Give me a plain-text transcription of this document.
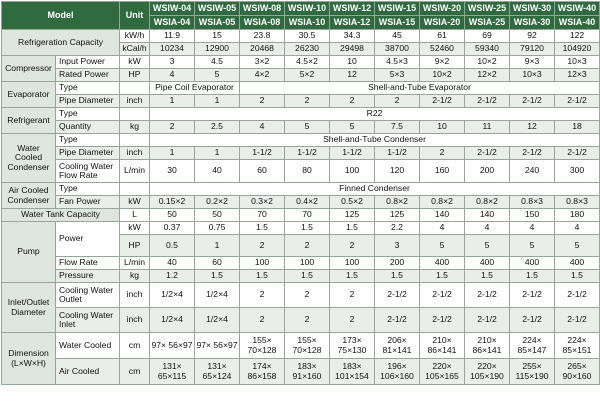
Model		Unit	WSIW-04	WSIW-05	WSIW-08	WSIW-10	WSIW-12	WSIW-15	WSIW-20	WSIW-25	WSIW-30	WSIW-40
			WSIA-04	WSIA-05	WSIA-08	WSIA-10	WSIA-12	WSIA-15	WSIA-20	WSIA-25	WSIA-30	WSIA-40
Refrigeration Capacity		kW/h	11.9	15	23.8	30.5	34.3	45	61	69	92	122
		kCal/h	10234	12900	20468	26230	29498	38700	52460	59340	79120	104920
Compressor	Input Power	kW	3	4.5	3×2	4.5×2	10	4.5×3	9×2	10×2	9×3	10×3
	Rated Power	HP	4	5	4×2	5×2	12	5×3	10×2	12×2	10×3	12×3
Evaporator	Type		Pipe Coil Evaporator		Shell-and-Tube Evaporator							
	Pipe Diameter	inch	1	1	2	2	2	2	2-1/2	2-1/2	2-1/2	2-1/2
Refrigerant	Type		R22									
	Quantity	kg	2	2.5	4	5	5	7.5	10	11	12	18
Water Cooled Condenser	Type		Shell-and-Tube Condenser									
	Pipe Diameter	inch	1	1	1-1/2	1-1/2	1-1/2	1-1/2	2	2-1/2	2-1/2	2-1/2
	Cooling Water Flow Rate	L/min	30	40	60	80	100	120	160	200	240	300
Air Cooled Condenser	Type		Finned Condenser									
	Fan Power	kW	0.15×2	0.2×2	0.3×2	0.4×2	0.5×2	0.8×2	0.8×2	0.8×2	0.8×3	0.8×3
Water Tank Capacity		L	50	50	70	70	125	125	140	140	150	180
Pump	Power	kW	0.37	0.75	1.5	1.5	1.5	2.2	4	4	4	4
		HP	0.5	1	2	2	2	3	5	5	5	5
	Flow Rate	L/min	40	60	100	100	100	200	400	400	400	400
	Pressure	kg	1.2	1.5	1.5	1.5	1.5	1.5	1.5	1.5	1.5	1.5
Inlet/Outlet Diameter	Cooling Water Outlet	inch	1/2×4	1/2×4	2	2	2	2-1/2	2-1/2	2-1/2	2-1/2	2-1/2
	Cooling Water Inlet	inch	1/2×4	1/2×4	2	2	2	2-1/2	2-1/2	2-1/2	2-1/2	2-1/2
Dimension (L×W×H)	Water Cooled	cm	97× 56×97	97× 56×97	155× 70×128	155× 70×128	173× 75×130	206× 81×141	210× 86×141	210× 86×141	224× 85×147	224× 85×151
	Air Cooled	cm	131× 65×115	131× 65×124	174× 86×158	183× 91×160	183× 101×154	196× 106×160	220× 105×165	220× 105×190	255× 115×190	265× 90×160
